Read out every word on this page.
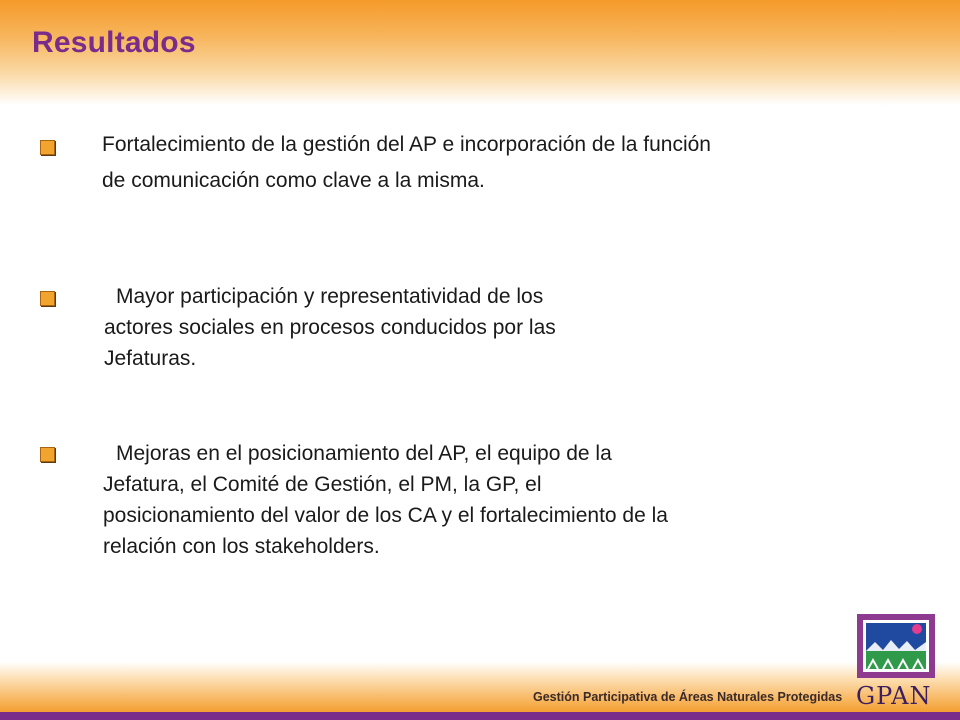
Resultados
Fortalecimiento de la gestión del AP e incorporación de la función
de comunicación como clave a la misma.
Mayor participación y representatividad de los
actores sociales en procesos conducidos por las
Jefaturas.
Mejoras en el posicionamiento del AP, el equipo de la
Jefatura, el Comité de Gestión, el PM, la GP, el
posicionamiento del valor de los CA y el fortalecimiento de la
relación con los stakeholders.
Gestión Participativa de Áreas Naturales Protegidas GPAN
